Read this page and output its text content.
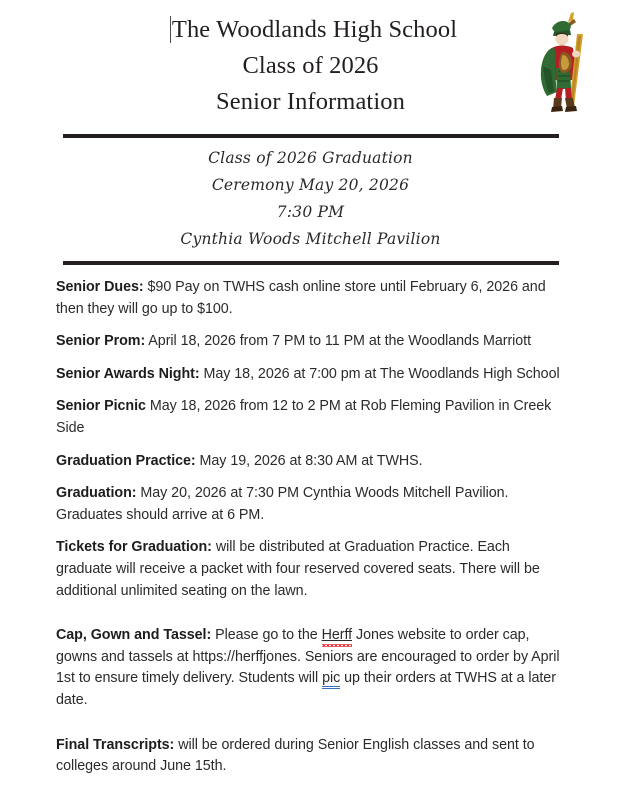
The Woodlands High School
Class of 2026
Senior Information
Class of 2026 Graduation
Ceremony May 20, 2026
7:30 PM
Cynthia Woods Mitchell Pavilion

Senior Dues: $90 Pay on TWHS cash online store until February 6, 2026 and then they will go up to $100.

Senior Prom: April 18, 2026 from 7 PM to 11 PM at the Woodlands Marriott

Senior Awards Night: May 18, 2026 at 7:00 pm at The Woodlands High School

Senior Picnic May 18, 2026 from 12 to 2 PM at Rob Fleming Pavilion in Creek Side

Graduation Practice: May 19, 2026 at 8:30 AM at TWHS.

Graduation: May 20, 2026 at 7:30 PM Cynthia Woods Mitchell Pavilion. Graduates should arrive at 6 PM.

Tickets for Graduation: will be distributed at Graduation Practice. Each graduate will receive a packet with four reserved covered seats. There will be additional unlimited seating on the lawn.

Cap, Gown and Tassel: Please go to the Herff Jones website to order cap, gowns and tassels at https://herffjones. Seniors are encouraged to order by April 1st to ensure timely delivery. Students will pic up their orders at TWHS at a later date.

Final Transcripts: will be ordered during Senior English classes and sent to colleges around June 15th.
